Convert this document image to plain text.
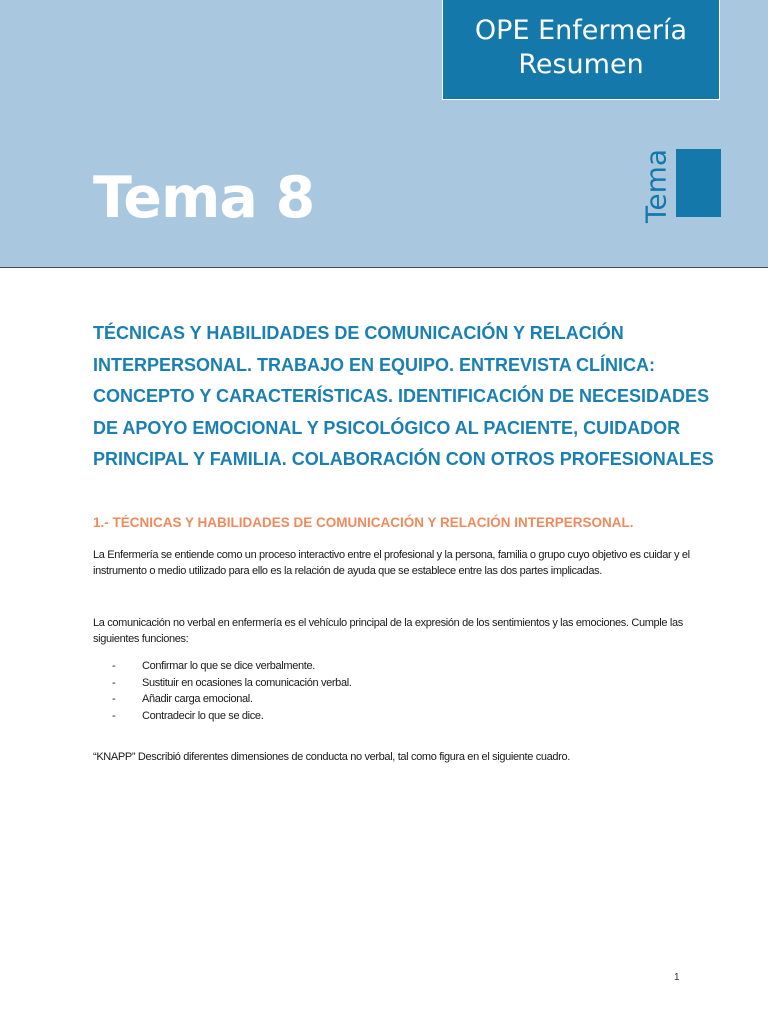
OPE Enfermería
Resumen
Tema 8	Tema
TÉCNICAS Y HABILIDADES DE COMUNICACIÓN Y RELACIÓN INTERPERSONAL. TRABAJO EN EQUIPO. ENTREVISTA CLÍNICA: CONCEPTO Y CARACTERÍSTICAS. IDENTIFICACIÓN DE NECESIDADES DE APOYO EMOCIONAL Y PSICOLÓGICO AL PACIENTE, CUIDADOR PRINCIPAL Y FAMILIA. COLABORACIÓN CON OTROS PROFESIONALES
1.- TÉCNICAS Y HABILIDADES DE COMUNICACIÓN Y RELACIÓN INTERPERSONAL.

La Enfermería se entiende como un proceso interactivo entre el profesional y la persona, familia o grupo cuyo objetivo es cuidar y el instrumento o medio utilizado para ello es la relación de ayuda que se establece entre las dos partes implicadas.

La comunicación no verbal en enfermería es el vehículo principal de la expresión de los sentimientos y las emociones. Cumple las siguientes funciones:

- Confirmar lo que se dice verbalmente.
- Sustituir en ocasiones la comunicación verbal.
- Añadir carga emocional.
- Contradecir lo que se dice.

“KNAPP” Describió diferentes dimensiones de conducta no verbal, tal como figura en el siguiente cuadro.

1
